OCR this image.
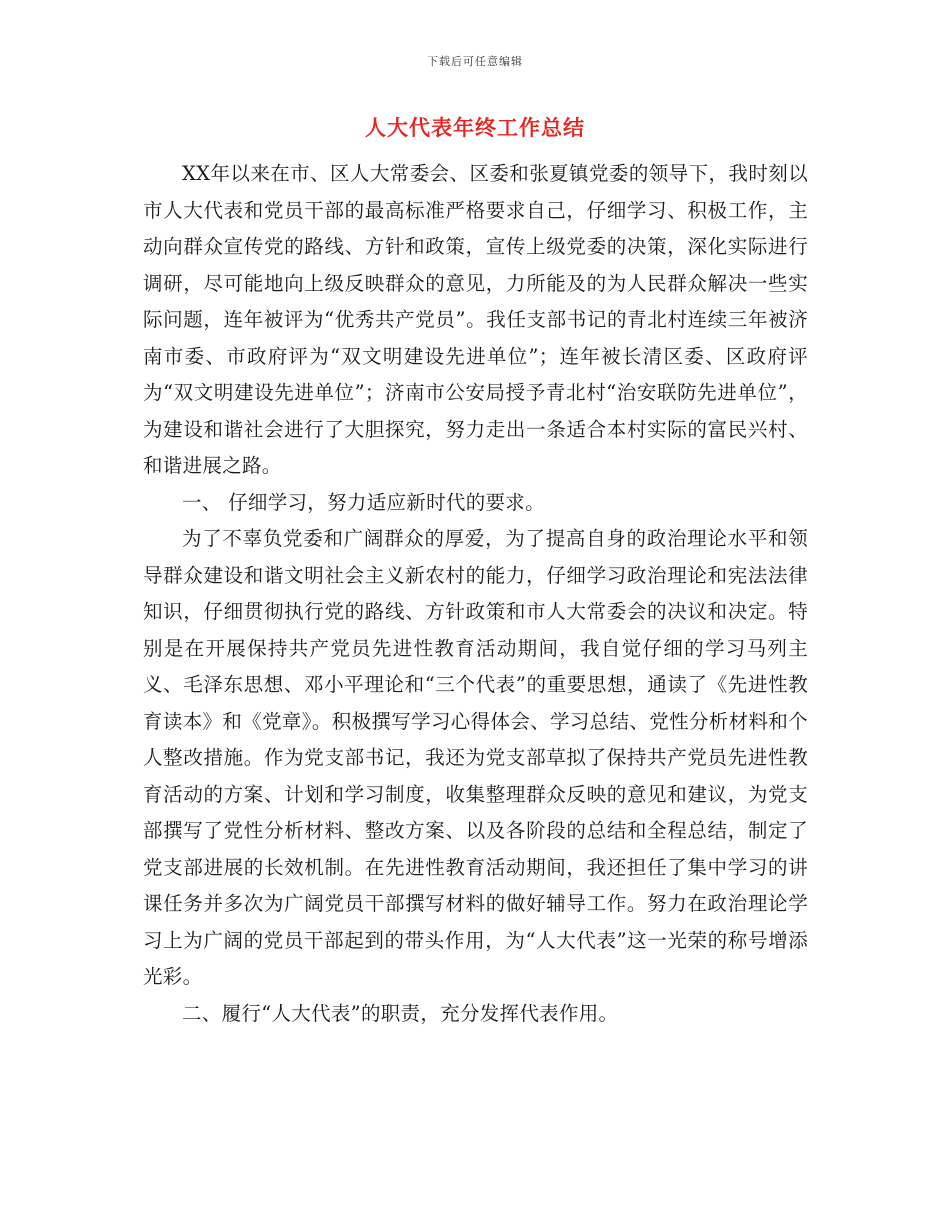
下载后可任意编辑
人大代表年终工作总结

XX年以来在市、区人大常委会、区委和张夏镇党委的领导下，我时刻以市人大代表和党员干部的最高标准严格要求自己，仔细学习、积极工作，主动向群众宣传党的路线、方针和政策，宣传上级党委的决策，深化实际进行调研，尽可能地向上级反映群众的意见，力所能及的为人民群众解决一些实际问题，连年被评为“优秀共产党员”。我任支部书记的青北村连续三年被济南市委、市政府评为“双文明建设先进单位”；连年被长清区委、区政府评为“双文明建设先进单位”；济南市公安局授予青北村“治安联防先进单位”，为建设和谐社会进行了大胆探究，努力走出一条适合本村实际的富民兴村、和谐进展之路。

一、 仔细学习，努力适应新时代的要求。

为了不辜负党委和广阔群众的厚爱，为了提高自身的政治理论水平和领导群众建设和谐文明社会主义新农村的能力，仔细学习政治理论和宪法法律知识，仔细贯彻执行党的路线、方针政策和市人大常委会的决议和决定。特别是在开展保持共产党员先进性教育活动期间，我自觉仔细的学习马列主义、毛泽东思想、邓小平理论和“三个代表”的重要思想，通读了《先进性教育读本》和《党章》。积极撰写学习心得体会、学习总结、党性分析材料和个人整改措施。作为党支部书记，我还为党支部草拟了保持共产党员先进性教育活动的方案、计划和学习制度，收集整理群众反映的意见和建议，为党支部撰写了党性分析材料、整改方案、以及各阶段的总结和全程总结，制定了党支部进展的长效机制。在先进性教育活动期间，我还担任了集中学习的讲课任务并多次为广阔党员干部撰写材料的做好辅导工作。努力在政治理论学习上为广阔的党员干部起到的带头作用，为“人大代表”这一光荣的称号增添光彩。

二、履行“人大代表”的职责，充分发挥代表作用。
